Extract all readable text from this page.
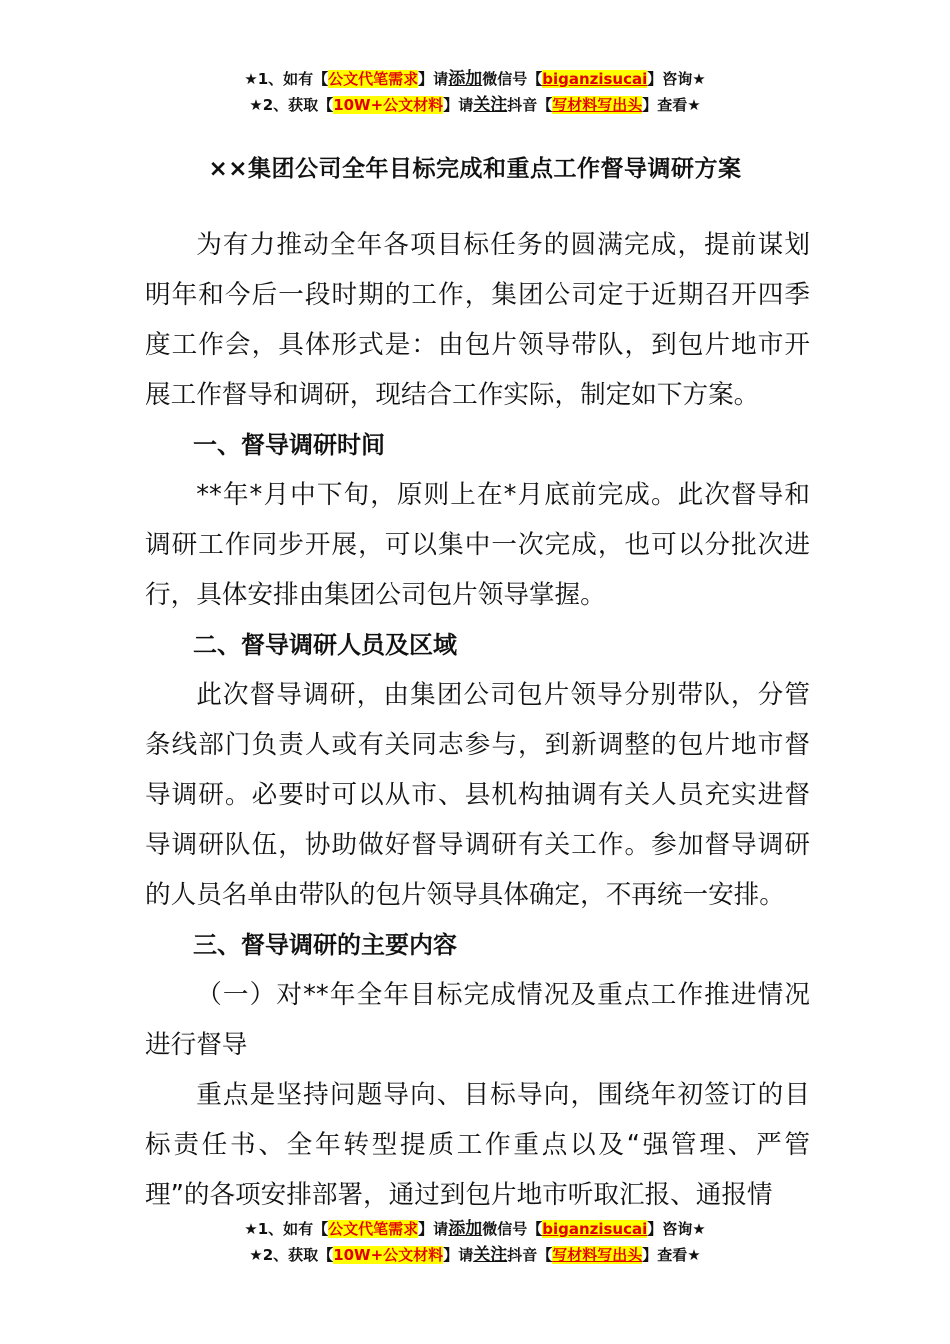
★1、如有【公文代笔需求】请添加微信号【biganzisucai】咨询★
★2、获取【10W+公文材料】请关注抖音【写材料写出头】查看★
××集团公司全年目标完成和重点工作督导调研方案

为有力推动全年各项目标任务的圆满完成，提前谋划明年和今后一段时期的工作，集团公司定于近期召开四季度工作会，具体形式是：由包片领导带队，到包片地市开展工作督导和调研，现结合工作实际，制定如下方案。

一、督导调研时间

**年*月中下旬，原则上在*月底前完成。此次督导和调研工作同步开展，可以集中一次完成，也可以分批次进行，具体安排由集团公司包片领导掌握。

二、督导调研人员及区域

此次督导调研，由集团公司包片领导分别带队，分管条线部门负责人或有关同志参与，到新调整的包片地市督导调研。必要时可以从市、县机构抽调有关人员充实进督导调研队伍，协助做好督导调研有关工作。参加督导调研的人员名单由带队的包片领导具体确定，不再统一安排。

三、督导调研的主要内容

（一）对**年全年目标完成情况及重点工作推进情况进行督导

重点是坚持问题导向、目标导向，围绕年初签订的目标责任书、全年转型提质工作重点以及“强管理、严管理”的各项安排部署，通过到包片地市听取汇报、通报情

★1、如有【公文代笔需求】请添加微信号【biganzisucai】咨询★
★2、获取【10W+公文材料】请关注抖音【写材料写出头】查看★
